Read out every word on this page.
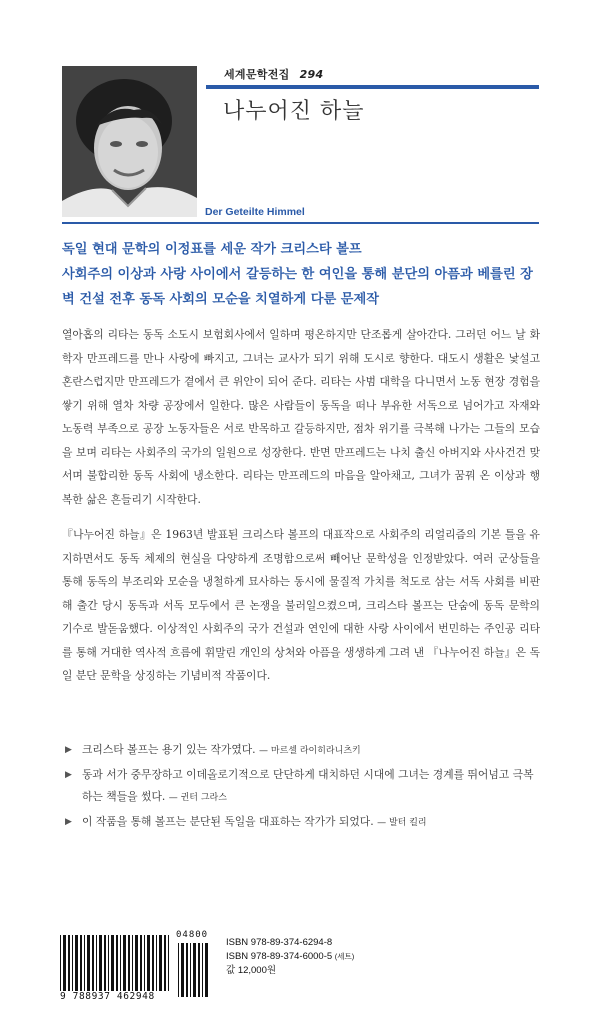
세계문학전집 294
나누어진 하늘
Der Geteilte Himmel
독일 현대 문학의 이정표를 세운 작가 크리스타 볼프
사회주의 이상과 사랑 사이에서 갈등하는 한 여인을 통해 분단의 아픔과 베를린 장
벽 건설 전후 동독 사회의 모순을 치열하게 다룬 문제작
열아홉의 리타는 동독 소도시 보험회사에서 일하며 평온하지만 단조롭게 살아간다. 그러던 어느 날 화학자 만프레드를 만나 사랑에 빠지고, 그녀는 교사가 되기 위해 도시로 향한다. 대도시 생활은 낯설고 혼란스럽지만 만프레드가 곁에서 큰 위안이 되어 준다. 리타는 사범 대학을 다니면서 노동 현장 경험을 쌓기 위해 열차 차량 공장에서 일한다. 많은 사람들이 동독을 떠나 부유한 서독으로 넘어가고 자재와 노동력 부족으로 공장 노동자들은 서로 반목하고 갈등하지만, 점차 위기를 극복해 나가는 그들의 모습을 보며 리타는 사회주의 국가의 일원으로 성장한다. 반면 만프레드는 나치 출신 아버지와 사사건건 맞서며 불합리한 동독 사회에 냉소한다. 리타는 만프레드의 마음을 알아채고, 그녀가 꿈꿔 온 이상과 행복한 삶은 흔들리기 시작한다.
『나누어진 하늘』은 1963년 발표된 크리스타 볼프의 대표작으로 사회주의 리얼리즘의 기본 틀을 유지하면서도 동독 체제의 현실을 다양하게 조명함으로써 빼어난 문학성을 인정받았다. 여러 군상들을 통해 동독의 부조리와 모순을 냉철하게 묘사하는 동시에 물질적 가치를 척도로 삼는 서독 사회를 비판해 출간 당시 동독과 서독 모두에서 큰 논쟁을 불러일으켰으며, 크리스타 볼프는 단숨에 동독 문학의 기수로 발돋움했다. 이상적인 사회주의 국가 건설과 연인에 대한 사랑 사이에서 번민하는 주인공 리타를 통해 거대한 역사적 흐름에 휘말린 개인의 상처와 아픔을 생생하게 그려 낸 『나누어진 하늘』은 독일 분단 문학을 상징하는 기념비적 작품이다.
▶ 크리스타 볼프는 용기 있는 작가였다. — 마르셀 라이히라니츠키
▶ 동과 서가 중무장하고 이데올로기적으로 단단하게 대치하던 시대에 그녀는 경계를 뛰어넘고 극복하는 책들을 썼다. — 귄터 그라스
▶ 이 작품을 통해 볼프는 분단된 독일을 대표하는 작가가 되었다. — 발터 킬리
9 788937 462948
04800
ISBN 978-89-374-6294-8
ISBN 978-89-374-6000-5 (세트)
값 12,000원
